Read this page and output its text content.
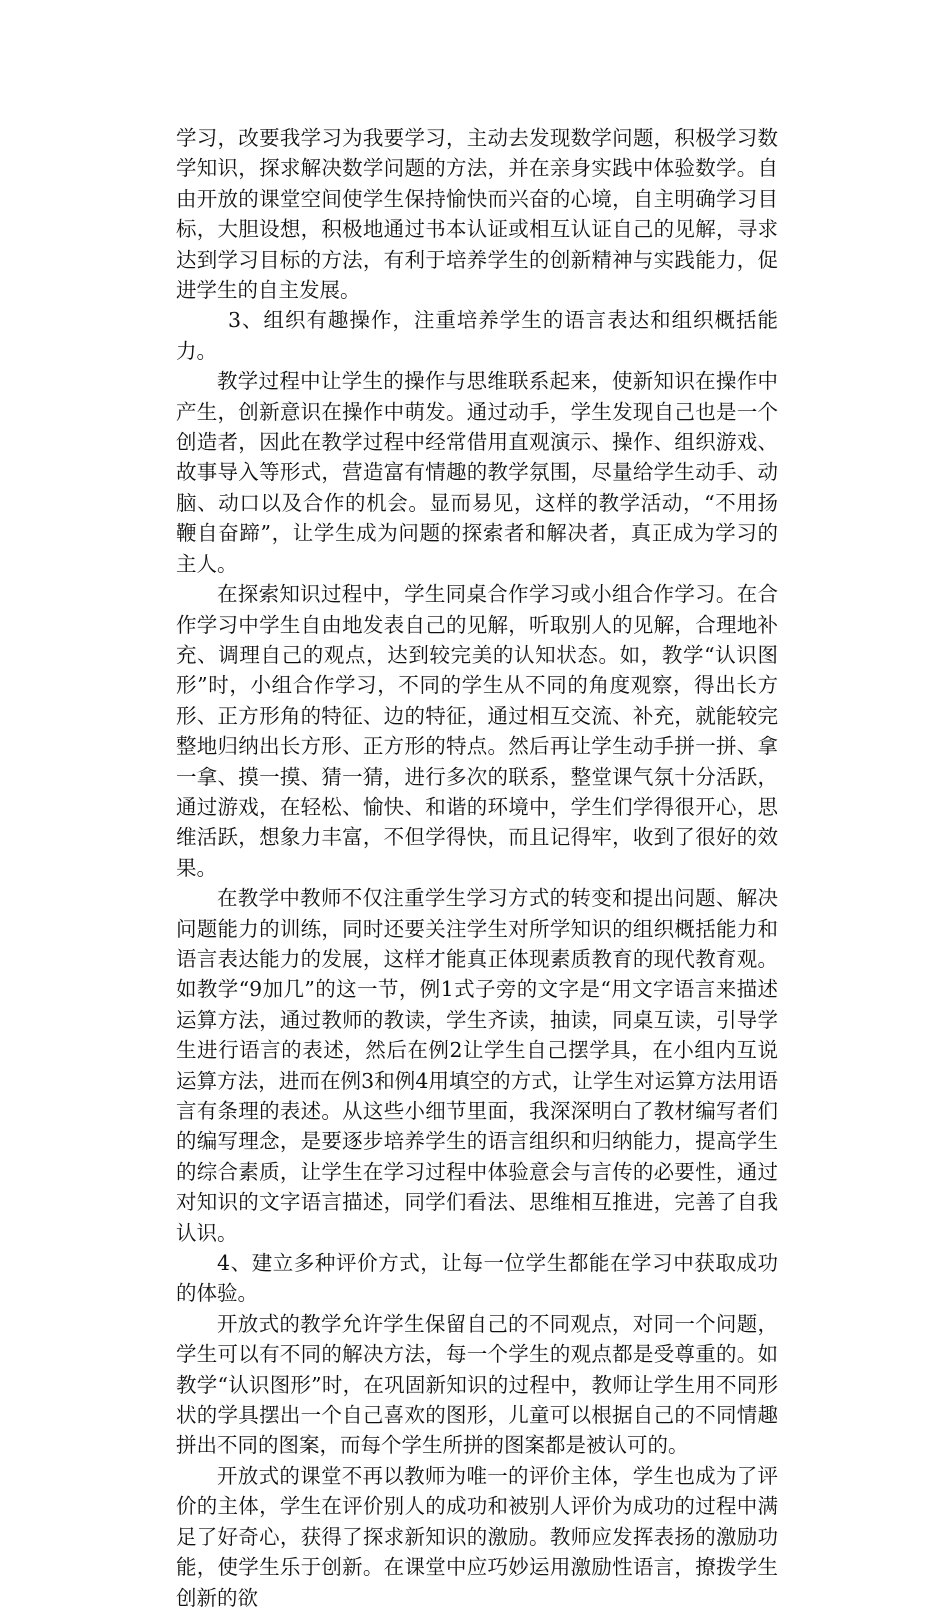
学习，改要我学习为我要学习，主动去发现数学问题，积极学习数学知识，探求解决数学问题的方法，并在亲身实践中体验数学。自由开放的课堂空间使学生保持愉快而兴奋的心境，自主明确学习目标，大胆设想，积极地通过书本认证或相互认证自己的见解，寻求达到学习目标的方法，有利于培养学生的创新精神与实践能力，促进学生的自主发展。

3、组织有趣操作，注重培养学生的语言表达和组织概括能力。

教学过程中让学生的操作与思维联系起来，使新知识在操作中产生，创新意识在操作中萌发。通过动手，学生发现自己也是一个创造者，因此在教学过程中经常借用直观演示、操作、组织游戏、故事导入等形式，营造富有情趣的教学氛围，尽量给学生动手、动脑、动口以及合作的机会。显而易见，这样的教学活动，“不用扬鞭自奋蹄”，让学生成为问题的探索者和解决者，真正成为学习的主人。

在探索知识过程中，学生同桌合作学习或小组合作学习。在合作学习中学生自由地发表自己的见解，听取别人的见解，合理地补充、调理自己的观点，达到较完美的认知状态。如，教学“认识图形”时，小组合作学习，不同的学生从不同的角度观察，得出长方形、正方形角的特征、边的特征，通过相互交流、补充，就能较完整地归纳出长方形、正方形的特点。然后再让学生动手拼一拼、拿一拿、摸一摸、猜一猜，进行多次的联系，整堂课气氛十分活跃，通过游戏，在轻松、愉快、和谐的环境中，学生们学得很开心，思维活跃，想象力丰富，不但学得快，而且记得牢，收到了很好的效果。

在教学中教师不仅注重学生学习方式的转变和提出问题、解决问题能力的训练，同时还要关注学生对所学知识的组织概括能力和语言表达能力的发展，这样才能真正体现素质教育的现代教育观。如教学“9加几”的这一节，例1式子旁的文字是“用文字语言来描述运算方法，通过教师的教读，学生齐读，抽读，同桌互读，引导学生进行语言的表述，然后在例2让学生自己摆学具，在小组内互说运算方法，进而在例3和例4用填空的方式，让学生对运算方法用语言有条理的表述。从这些小细节里面，我深深明白了教材编写者们的编写理念，是要逐步培养学生的语言组织和归纳能力，提高学生的综合素质，让学生在学习过程中体验意会与言传的必要性，通过对知识的文字语言描述，同学们看法、思维相互推进，完善了自我认识。

4、建立多种评价方式，让每一位学生都能在学习中获取成功的体验。

开放式的教学允许学生保留自己的不同观点，对同一个问题，学生可以有不同的解决方法，每一个学生的观点都是受尊重的。如教学“认识图形”时，在巩固新知识的过程中，教师让学生用不同形状的学具摆出一个自己喜欢的图形，儿童可以根据自己的不同情趣拼出不同的图案，而每个学生所拼的图案都是被认可的。

开放式的课堂不再以教师为唯一的评价主体，学生也成为了评价的主体，学生在评价别人的成功和被别人评价为成功的过程中满足了好奇心，获得了探求新知识的激励。教师应发挥表扬的激励功能，使学生乐于创新。在课堂中应巧妙运用激励性语言，撩拨学生创新的欲
